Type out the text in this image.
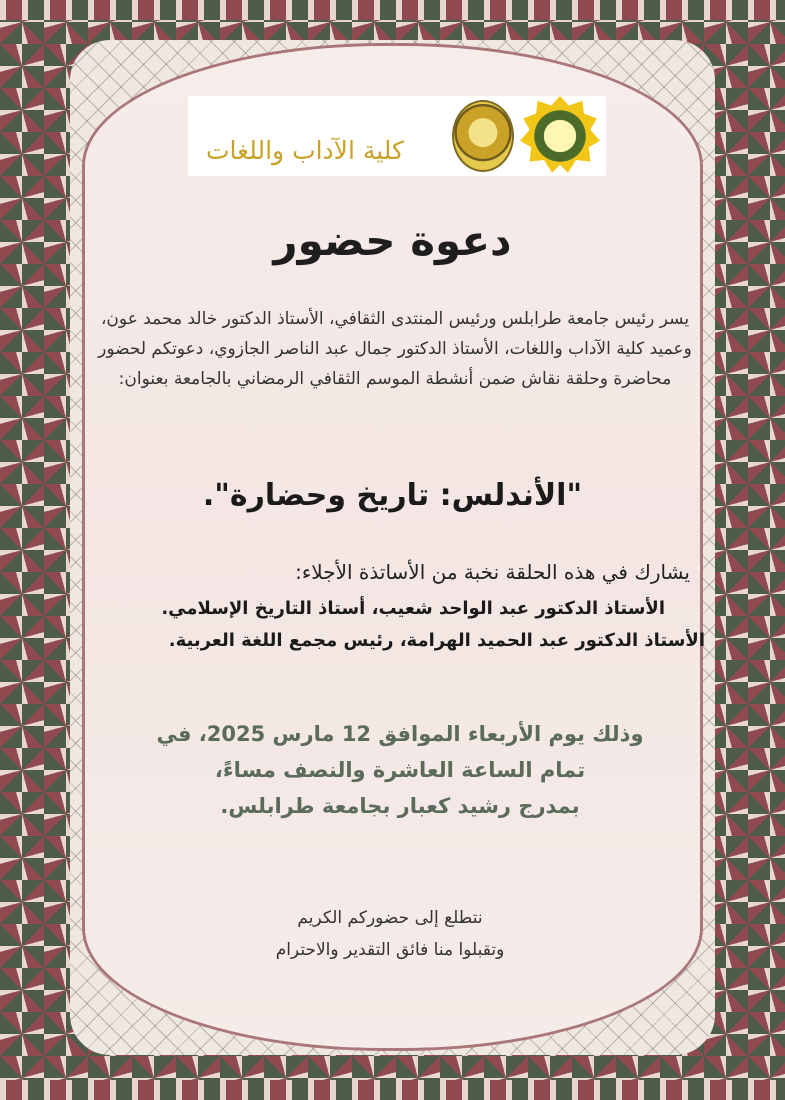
كلية الآداب واللغات
دعوة حضور
يسر رئيس جامعة طرابلس ورئيس المنتدى الثقافي، الأستاذ الدكتور خالد محمد عون، وعميد كلية الآداب واللغات، الأستاذ الدكتور جمال عبد الناصر الجازوي، دعوتكم لحضور محاضرة وحلقة نقاش ضمن أنشطة الموسم الثقافي الرمضاني بالجامعة بعنوان:
"الأندلس: تاريخ وحضارة".
يشارك في هذه الحلقة نخبة من الأساتذة الأجلاء:
الأستاذ الدكتور عبد الواحد شعيب، أستاذ التاريخ الإسلامي.
الأستاذ الدكتور عبد الحميد الهرامة، رئيس مجمع اللغة العربية.
وذلك يوم الأربعاء الموافق 12 مارس 2025، في
تمام الساعة العاشرة والنصف مساءً،
بمدرج رشيد كعبار بجامعة طرابلس.
نتطلع إلى حضوركم الكريم
وتقبلوا منا فائق التقدير والاحترام
